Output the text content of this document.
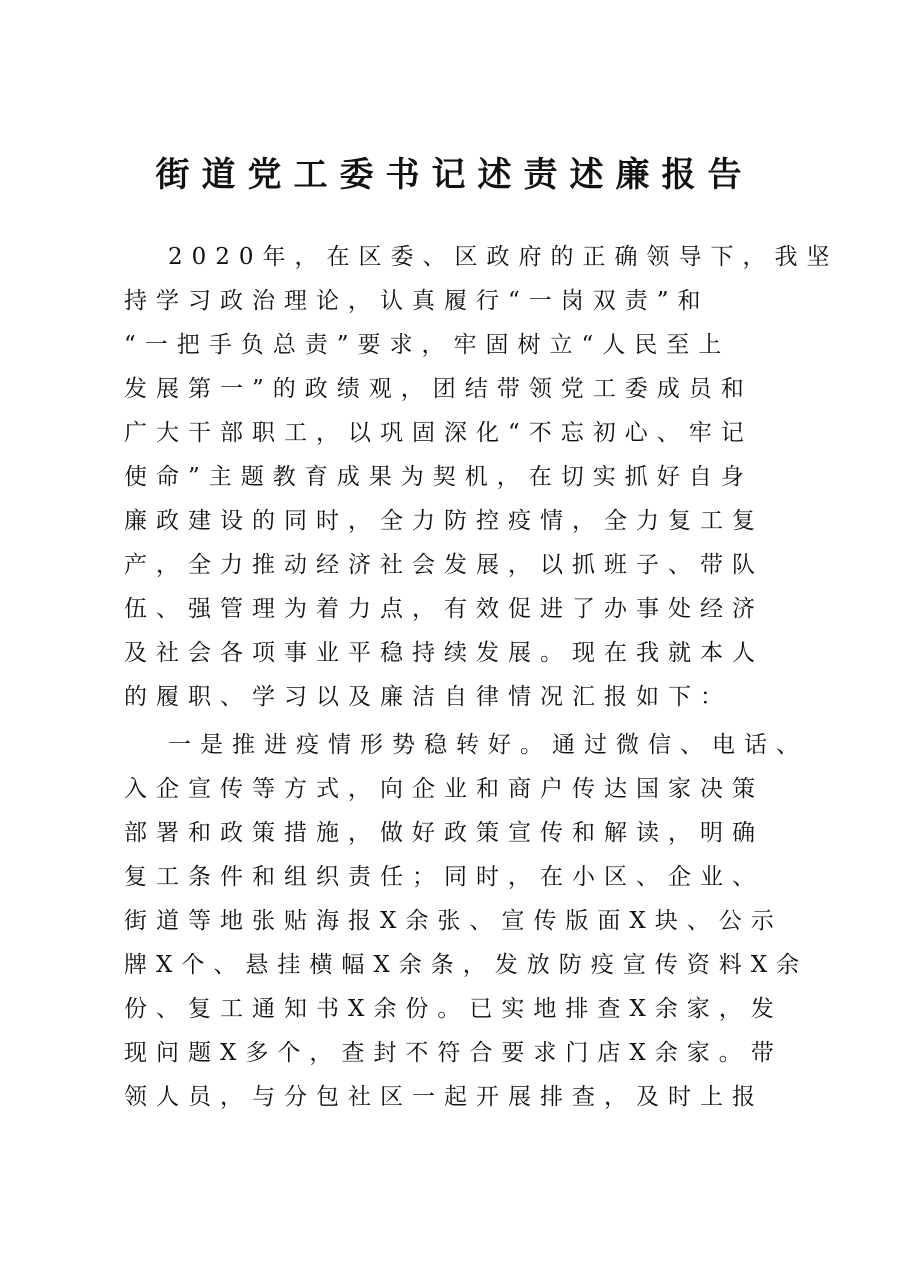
街道党工委书记述责述廉报告
2020年，在区委、区政府的正确领导下，我坚
持学习政治理论，认真履行“一岗双责”和
“一把手负总责”要求，牢固树立“人民至上
发展第一”的政绩观，团结带领党工委成员和
广大干部职工，以巩固深化“不忘初心、牢记
使命”主题教育成果为契机，在切实抓好自身
廉政建设的同时，全力防控疫情，全力复工复
产，全力推动经济社会发展，以抓班子、带队
伍、强管理为着力点，有效促进了办事处经济
及社会各项事业平稳持续发展。现在我就本人
的履职、学习以及廉洁自律情况汇报如下：
一是推进疫情形势稳转好。通过微信、电话、
入企宣传等方式，向企业和商户传达国家决策
部署和政策措施，做好政策宣传和解读，明确
复工条件和组织责任；同时，在小区、企业、
街道等地张贴海报X余张、宣传版面X块、公示
牌X个、悬挂横幅X余条，发放防疫宣传资料X余
份、复工通知书X余份。已实地排查X余家，发
现问题X多个，查封不符合要求门店X余家。带
领人员，与分包社区一起开展排查，及时上报
